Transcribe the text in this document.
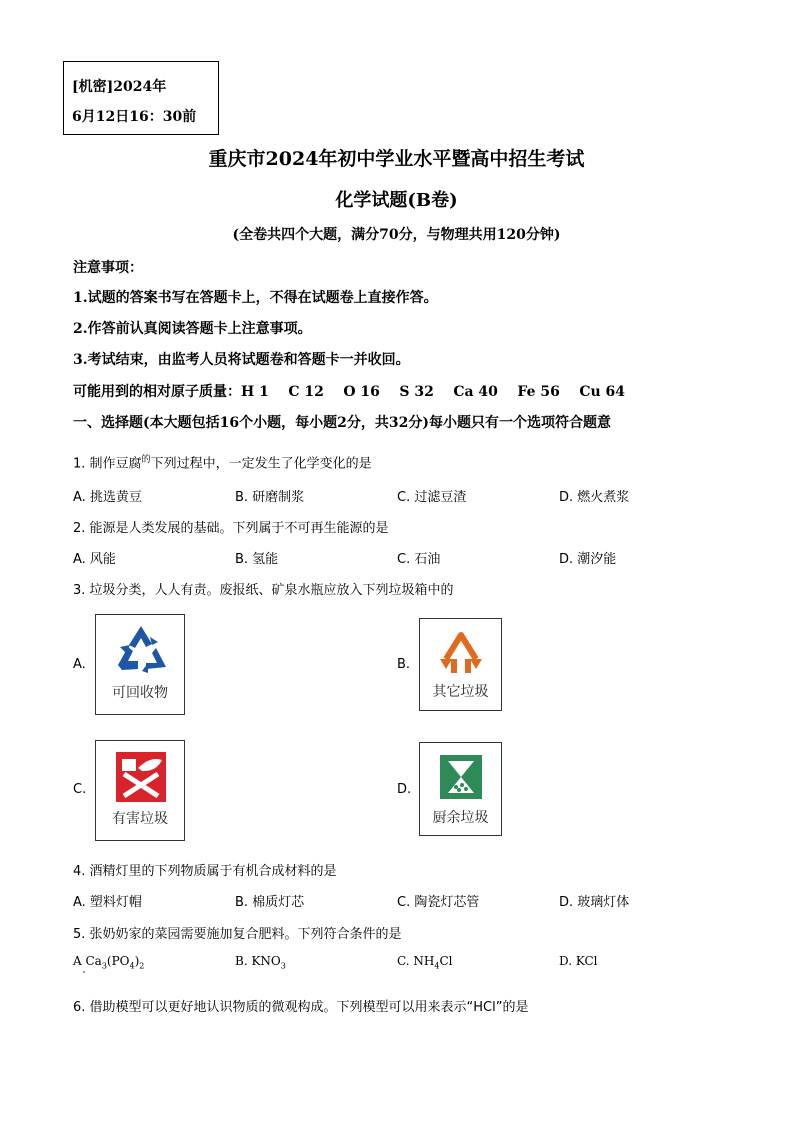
[机密]2024年
6月12日16：30前
重庆市2024年初中学业水平暨高中招生考试
化学试题(B卷)
(全卷共四个大题，满分70分，与物理共用120分钟)
注意事项：
1.试题的答案书写在答题卡上，不得在试题卷上直接作答。
2.作答前认真阅读答题卡上注意事项。
3.考试结束，由监考人员将试题卷和答题卡一并收回。
可能用到的相对原子质量：H 1    C 12    O 16    S 32    Ca 40    Fe 56    Cu 64
一、选择题(本大题包括16个小题，每小题2分，共32分)每小题只有一个选项符合题意
1. 制作豆腐$^的$下列过程中，一定发生了化学变化的是
A. 挑选黄豆	B. 研磨制浆	C. 过滤豆渣	D. 燃火煮浆
2. 能源是人类发展的基础。下列属于不可再生能源的是
A. 风能	B. 氢能	C. 石油	D. 潮汐能
3. 垃圾分类，人人有责。废报纸、矿泉水瓶应放入下列垃圾箱中的
A.
可回收物
B.
其它垃圾
C.
有害垃圾
D.
厨余垃圾
4. 酒精灯里的下列物质属于有机合成材料的是
A. 塑料灯帽	B. 棉质灯芯	C. 陶瓷灯芯管	D. 玻璃灯体
5. 张奶奶家的菜园需要施加复合肥料。下列符合条件的是
A $Ca_3(PO_4)_2$	B. $KNO_3$	C. $NH_4Cl$	D. KCl
6. 借助模型可以更好地认识物质的微观构成。下列模型可以用来表示“HCl”的是
